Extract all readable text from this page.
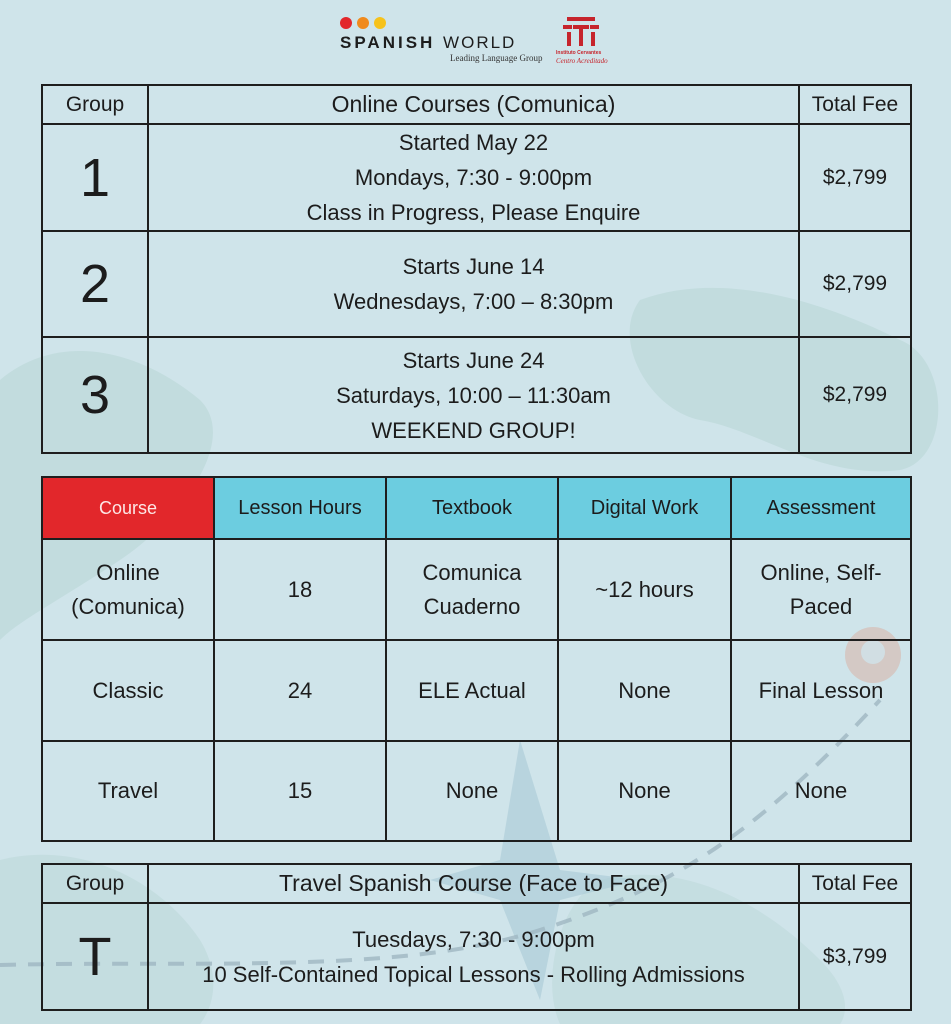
SPANISH WORLD
Leading Language Group	Instituto Cervantes
Centro Acreditado
Group	Online Courses (Comunica)	Total Fee
1	Started May 22
Mondays, 7:30 - 9:00pm
Class in Progress, Please Enquire	$2,799
2	Starts June 14
Wednesdays, 7:00 – 8:30pm	$2,799
3	Starts June 24
Saturdays, 10:00 – 11:30am
WEEKEND GROUP!	$2,799
Course	Lesson Hours	Textbook	Digital Work	Assessment
Online (Comunica)	18	Comunica Cuaderno	~12 hours	Online, Self-Paced
Classic	24	ELE Actual	None	Final Lesson
Travel	15	None	None	None
Group	Travel Spanish Course (Face to Face)	Total Fee
T	Tuesdays, 7:30 - 9:00pm
10 Self-Contained Topical Lessons - Rolling Admissions	$3,799
